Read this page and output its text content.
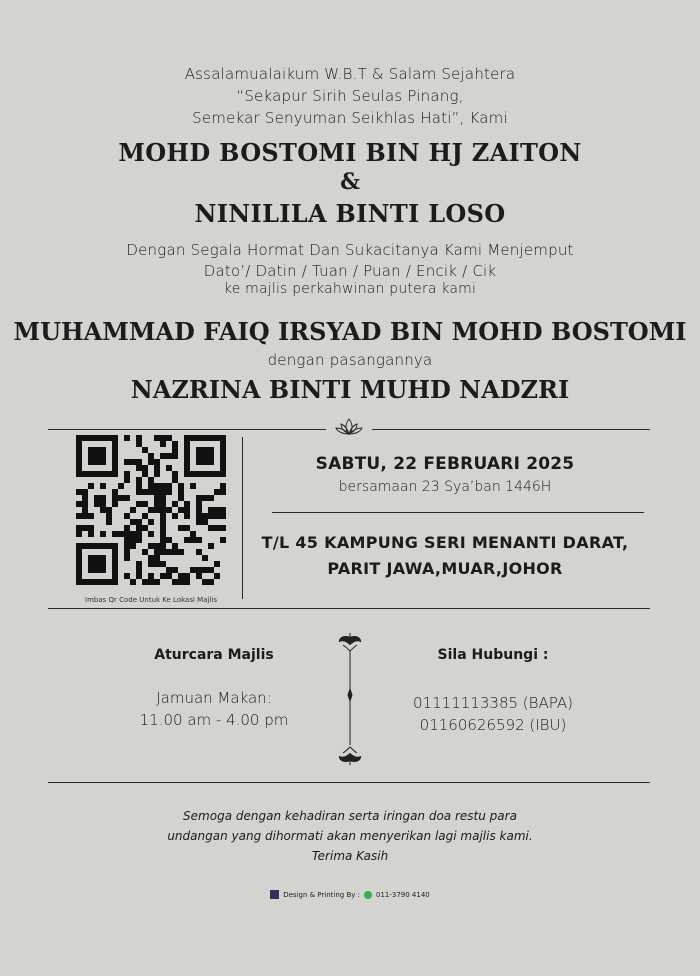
Assalamualaikum W.B.T & Salam Sejahtera
“Sekapur Sirih Seulas Pinang,
Semekar Senyuman Seikhlas Hati”, Kami
MOHD BOSTOMI BIN HJ ZAITON
&
NINILILA BINTI LOSO
Dengan Segala Hormat Dan Sukacitanya Kami Menjemput
Dato’/ Datin / Tuan / Puan / Encik / Cik
ke majlis perkahwinan putera kami
MUHAMMAD FAIQ IRSYAD BIN MOHD BOSTOMI
dengan pasangannya
NAZRINA BINTI MUHD NADZRI
Imbas Qr Code Untuk Ke Lokasi Majlis
SABTU, 22 FEBRUARI 2025
bersamaan 23 Sya’ban 1446H
T/L 45 KAMPUNG SERI MENANTI DARAT,
PARIT JAWA,MUAR,JOHOR
Aturcara Majlis
Jamuan Makan:
11.00 am - 4.00 pm
Sila Hubungi :
01111113385 (BAPA)
01160626592 (IBU)
Semoga dengan kehadiran serta iringan doa restu para
undangan yang dihormati akan menyerikan lagi majlis kami.
Terima Kasih
Design & Printing By : 011-3790 4140
